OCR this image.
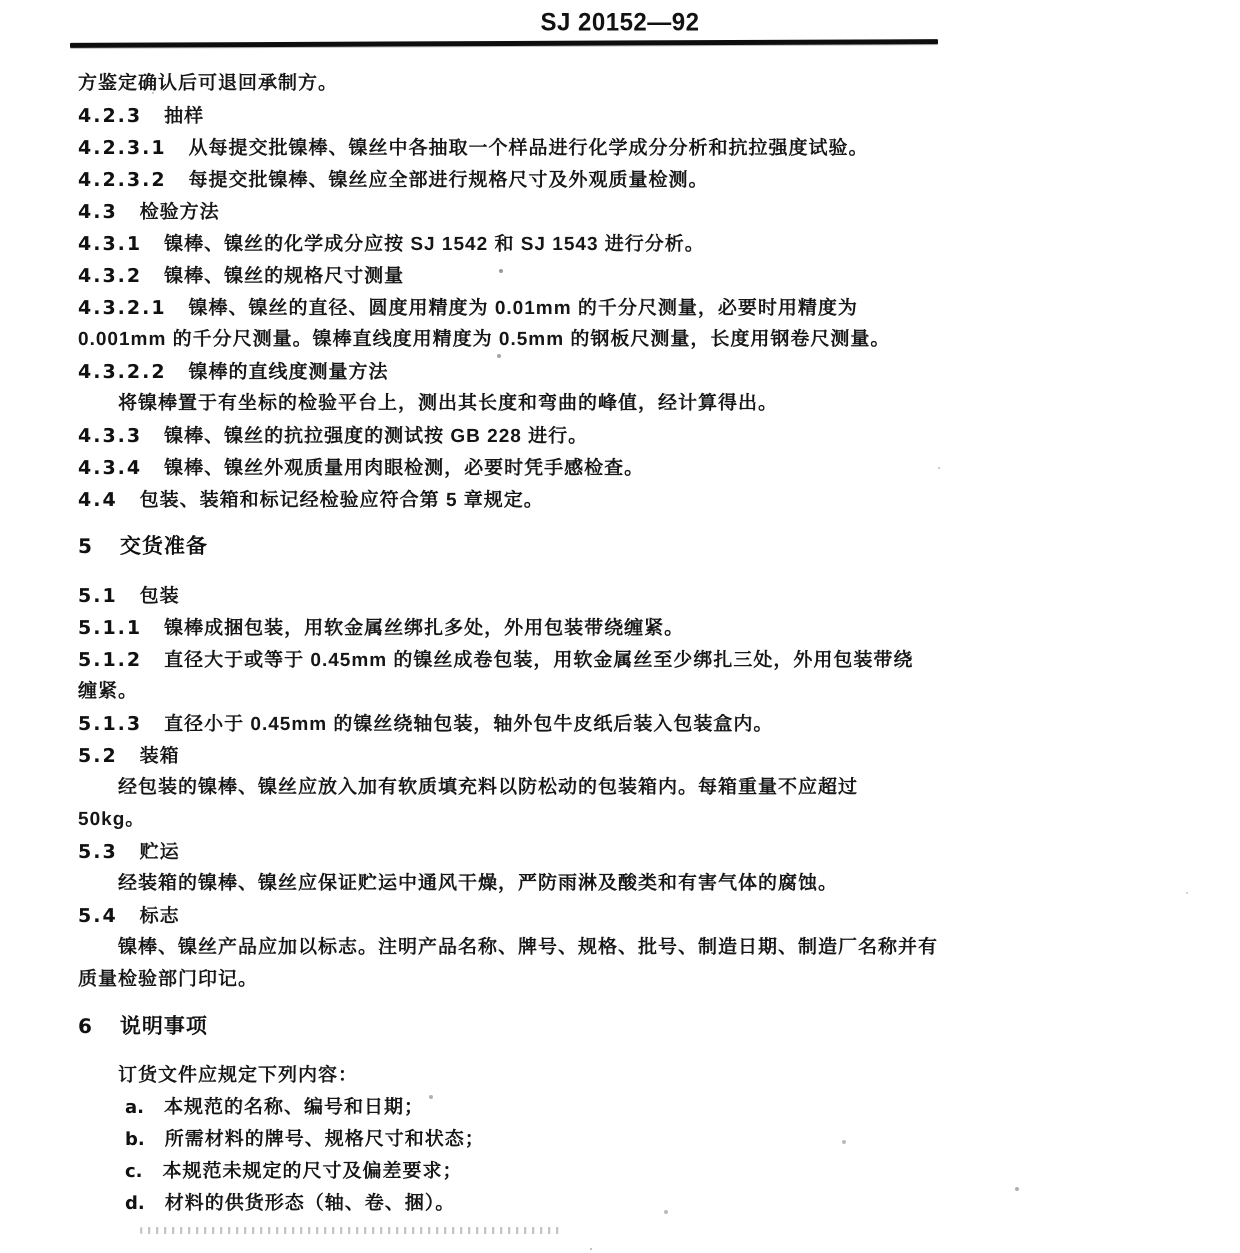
SJ 20152—92
方鉴定确认后可退回承制方。
4.2.3 抽样
4.2.3.1 从每提交批镍棒、镍丝中各抽取一个样品进行化学成分分析和抗拉强度试验。
4.2.3.2 每提交批镍棒、镍丝应全部进行规格尺寸及外观质量检测。
4.3 检验方法
4.3.1 镍棒、镍丝的化学成分应按 SJ 1542 和 SJ 1543 进行分析。
4.3.2 镍棒、镍丝的规格尺寸测量
4.3.2.1 镍棒、镍丝的直径、圆度用精度为 0.01mm 的千分尺测量，必要时用精度为
0.001mm 的千分尺测量。镍棒直线度用精度为 0.5mm 的钢板尺测量，长度用钢卷尺测量。
4.3.2.2 镍棒的直线度测量方法
将镍棒置于有坐标的检验平台上，测出其长度和弯曲的峰值，经计算得出。
4.3.3 镍棒、镍丝的抗拉强度的测试按 GB 228 进行。
4.3.4 镍棒、镍丝外观质量用肉眼检测，必要时凭手感检查。
4.4 包装、装箱和标记经检验应符合第 5 章规定。
5 交货准备
5.1 包装
5.1.1 镍棒成捆包装，用软金属丝绑扎多处，外用包装带绕缠紧。
5.1.2 直径大于或等于 0.45mm 的镍丝成卷包装，用软金属丝至少绑扎三处，外用包装带绕
缠紧。
5.1.3 直径小于 0.45mm 的镍丝绕轴包装，轴外包牛皮纸后装入包装盒内。
5.2 装箱
经包装的镍棒、镍丝应放入加有软质填充料以防松动的包装箱内。每箱重量不应超过
50kg。
5.3 贮运
经装箱的镍棒、镍丝应保证贮运中通风干燥，严防雨淋及酸类和有害气体的腐蚀。
5.4 标志
镍棒、镍丝产品应加以标志。注明产品名称、牌号、规格、批号、制造日期、制造厂名称并有
质量检验部门印记。
6 说明事项
订货文件应规定下列内容：
a. 本规范的名称、编号和日期；
b. 所需材料的牌号、规格尺寸和状态；
c. 本规范未规定的尺寸及偏差要求；
d. 材料的供货形态（轴、卷、捆）。
